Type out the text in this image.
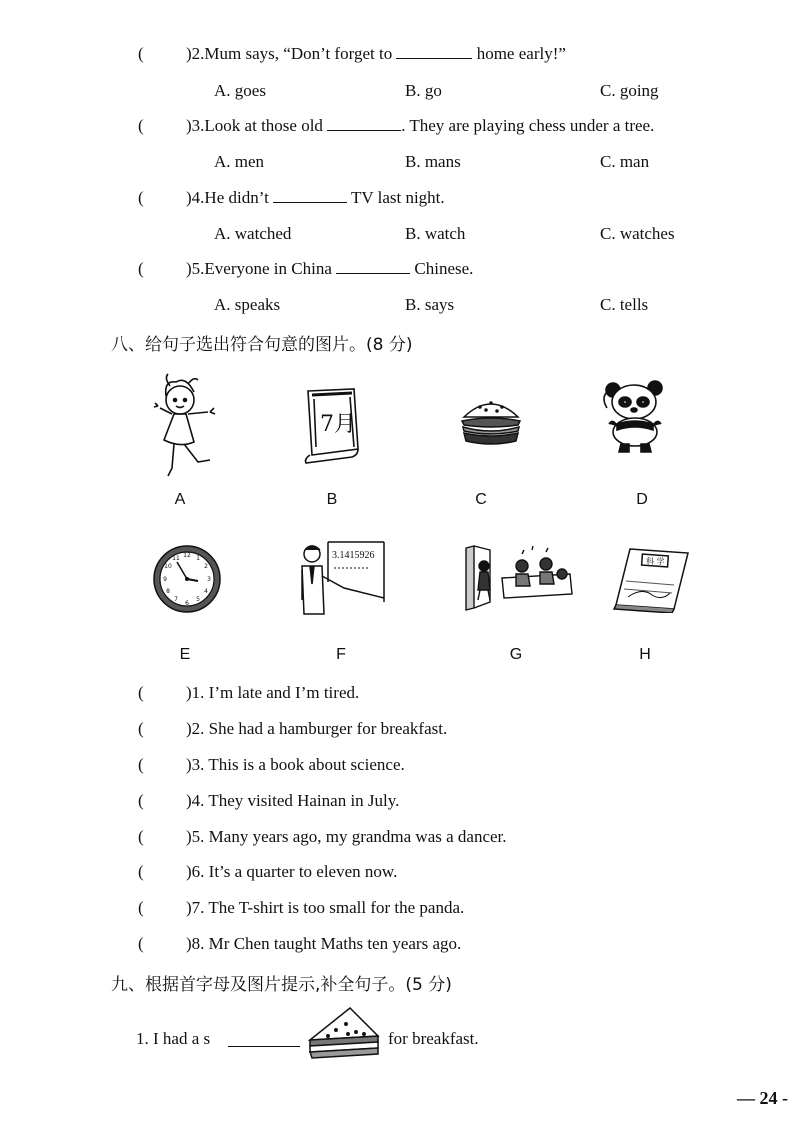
( )2.Mum says, “Don’t forget to	home early!”
A. goes	B. go	C. going
( )3.Look at those old	. They are playing chess under a tree.
A. men	B. mans	C. man
( )4.He didn’t	TV last night.
A. watched	B. watch	C. watches
( )5.Everyone in China	Chinese.
A. speaks	B. says	C. tells
八、给句子选出符合句意的图片。(8 分)
A
7月
B	C	D
12 1
2
3
4
5
6
7
8
9
10
11
E
3.1415926
F	G
科 学
H
( )1. I’m late and I’m tired.
( )2. She had a hamburger for breakfast.
( )3. This is a book about science.
( )4. They visited Hainan in July.
( )5. Many years ago, my grandma was a dancer.
( )6. It’s a quarter to eleven now.
( )7. The T-shirt is too small for the panda.
( )8. Mr Chen taught Maths ten years ago.
九、根据首字母及图片提示,补全句子。(5 分)
1. I had a s	for breakfast.
— 24 -
